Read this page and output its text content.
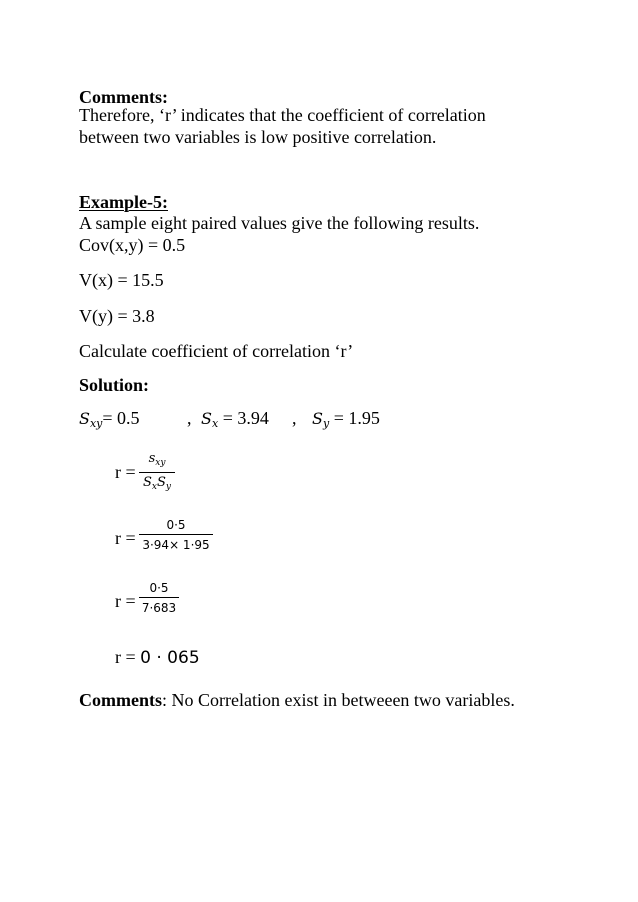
Comments:
Therefore, ‘r’ indicates that the coefficient of correlation
between two variables is low positive correlation.
Example-5:
A sample eight paired values give the following results.
Cov(x,y) = 0.5
V(x) = 15.5
V(y) = 3.8
Calculate coefficient of correlation ‘r’
Solution:
$S_{xy}= 0.5$	, $S_x = 3.94$ , $S_y = 1.95$
r =
$s_{xy}$
$S_xS_y$
r =
0·5
3·94× 1·95
r =
0·5
7·683
r = 0 · 065
Comments: No Correlation exist in betweeen two variables.
